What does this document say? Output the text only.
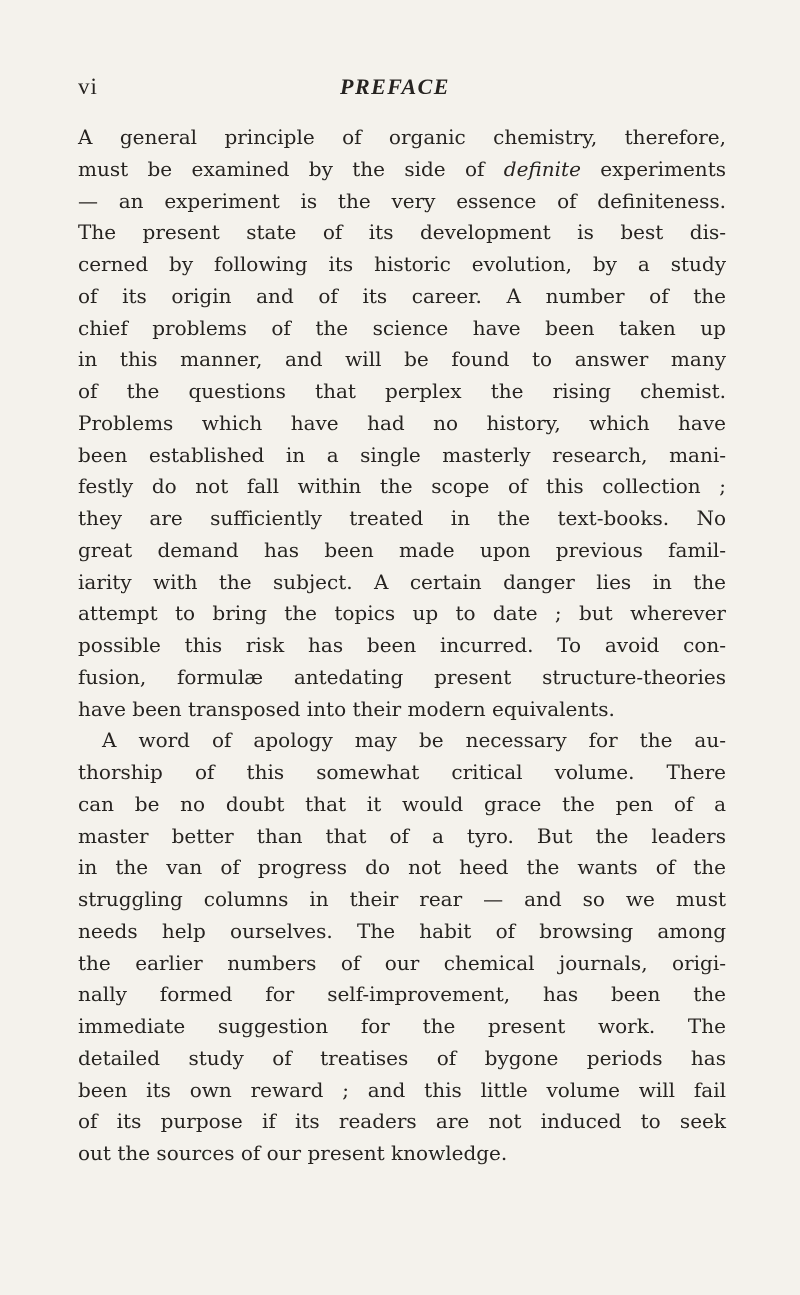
vi	PREFACE
A general principle of organic chemistry, therefore,
must be examined by the side of definite experiments
— an experiment is the very essence of definiteness.
The present state of its development is best dis-
cerned by following its historic evolution, by a study
of its origin and of its career. A number of the
chief problems of the science have been taken up
in this manner, and will be found to answer many
of the questions that perplex the rising chemist.
Problems which have had no history, which have
been established in a single masterly research, mani-
festly do not fall within the scope of this collection ;
they are sufficiently treated in the text-books. No
great demand has been made upon previous famil-
iarity with the subject. A certain danger lies in the
attempt to bring the topics up to date ; but wherever
possible this risk has been incurred. To avoid con-
fusion, formulæ antedating present structure-theories
have been transposed into their modern equivalents.
A word of apology may be necessary for the au-
thorship of this somewhat critical volume. There
can be no doubt that it would grace the pen of a
master better than that of a tyro. But the leaders
in the van of progress do not heed the wants of the
struggling columns in their rear — and so we must
needs help ourselves. The habit of browsing among
the earlier numbers of our chemical journals, origi-
nally formed for self-improvement, has been the
immediate suggestion for the present work. The
detailed study of treatises of bygone periods has
been its own reward ; and this little volume will fail
of its purpose if its readers are not induced to seek
out the sources of our present knowledge.
